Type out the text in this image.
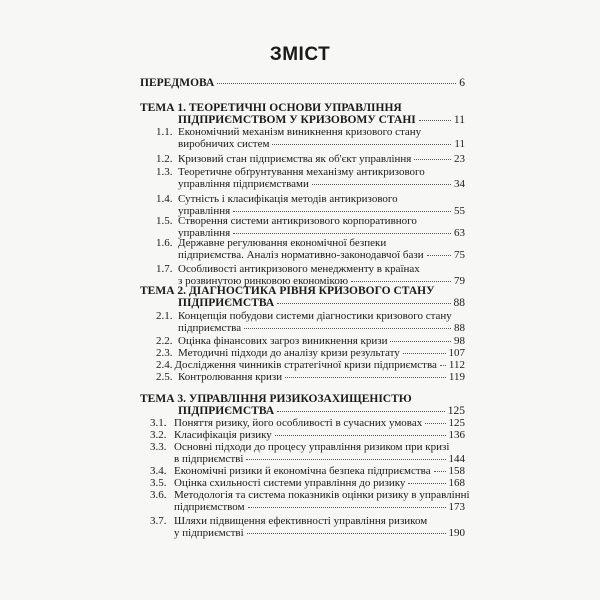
ЗМІСТ
ПЕРЕДМОВА	6
ТЕМА 1. ТЕОРЕТИЧНІ ОСНОВИ УПРАВЛІННЯ
ПІДПРИЄМСТВОМ У КРИЗОВОМУ СТАНІ	11
1.1. Економічний механізм виникнення кризового стану
виробничих систем	11
1.2. Кризовий стан підприємства як об'єкт управління	23
1.3. Теоретичне обґрунтування механізму антикризового
управління підприємствами	34
1.4. Сутність і класифікація методів антикризового
управління	55
1.5. Створення системи антикризового корпоративного
управління	63
1.6. Державне регулювання економічної безпеки
підприємства. Аналіз нормативно-законодавчої бази	75
1.7. Особливості антикризового менеджменту в країнах
з розвинутою ринковою економікою	79
ТЕМА 2. ДІАГНОСТИКА РІВНЯ КРИЗОВОГО СТАНУ
ПІДПРИЄМСТВА	88
2.1. Концепція побудови системи діагностики кризового стану
підприємства	88
2.2. Оцінка фінансових загроз виникнення кризи	98
2.3. Методичні підходи до аналізу кризи результату	107
2.4. Дослідження чинників стратегічної кризи підприємства 112
2.5. Контролювання кризи	119
ТЕМА 3. УПРАВЛІННЯ РИЗИКОЗАХИЩЕНІСТЮ
ПІДПРИЄМСТВА	125
3.1. Поняття ризику, його особливості в сучасних умовах 125
3.2. Класифікація ризику	136
3.3. Основні підходи до процесу управління ризиком при кризі
в підприємстві	144
3.4. Економічні ризики й економічна безпека підприємства 158
3.5. Оцінка схильності системи управління до ризику	168
3.6. Методологія та система показників оцінки ризику в управлінні
підприємством	173
3.7. Шляхи підвищення ефективності управління ризиком
у підприємстві	190
